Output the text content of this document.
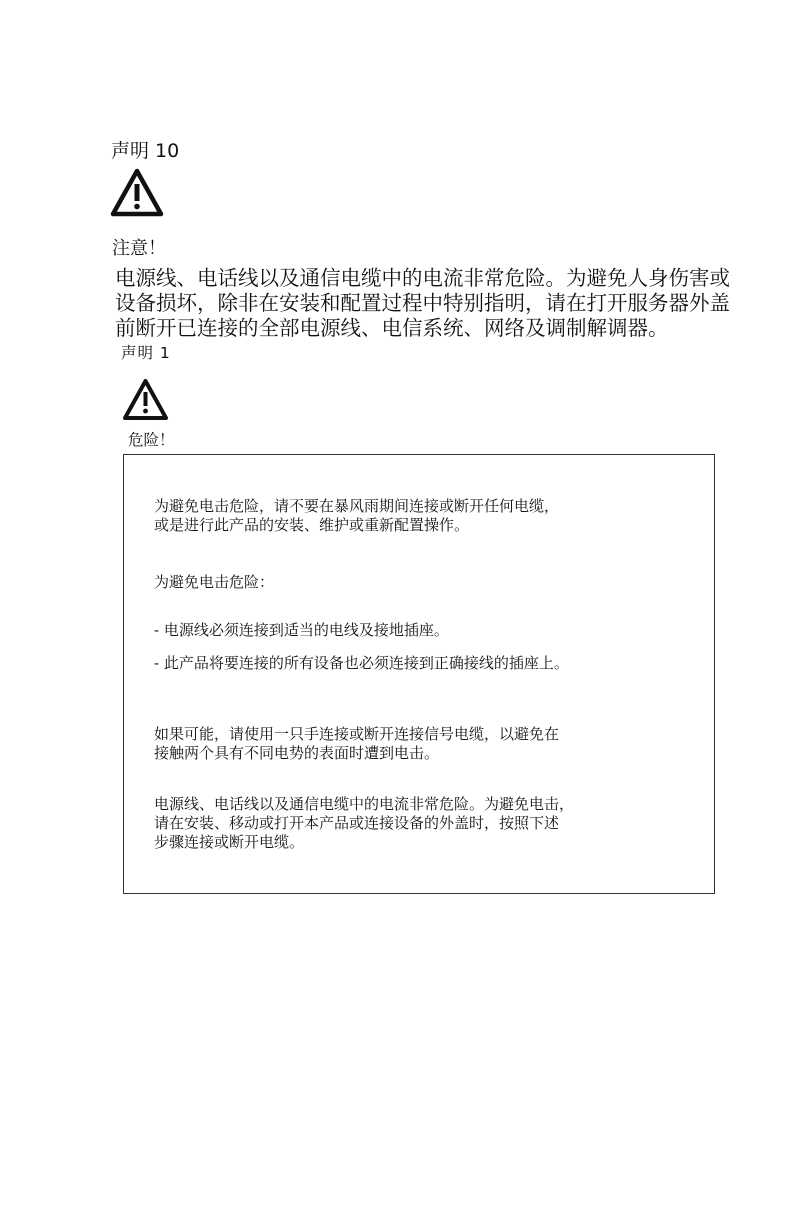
声明 10
注意！
电源线、电话线以及通信电缆中的电流非常危险。为避免人身伤害或
设备损坏，除非在安装和配置过程中特别指明，请在打开服务器外盖
前断开已连接的全部电源线、电信系统、网络及调制解调器。
声明 1
危险！
为避免电击危险，请不要在暴风雨期间连接或断开任何电缆，
或是进行此产品的安装、维护或重新配置操作。
为避免电击危险：
- 电源线必须连接到适当的电线及接地插座。
- 此产品将要连接的所有设备也必须连接到正确接线的插座上。
如果可能，请使用一只手连接或断开连接信号电缆，以避免在
接触两个具有不同电势的表面时遭到电击。
电源线、电话线以及通信电缆中的电流非常危险。为避免电击，
请在安装、移动或打开本产品或连接设备的外盖时，按照下述
步骤连接或断开电缆。
